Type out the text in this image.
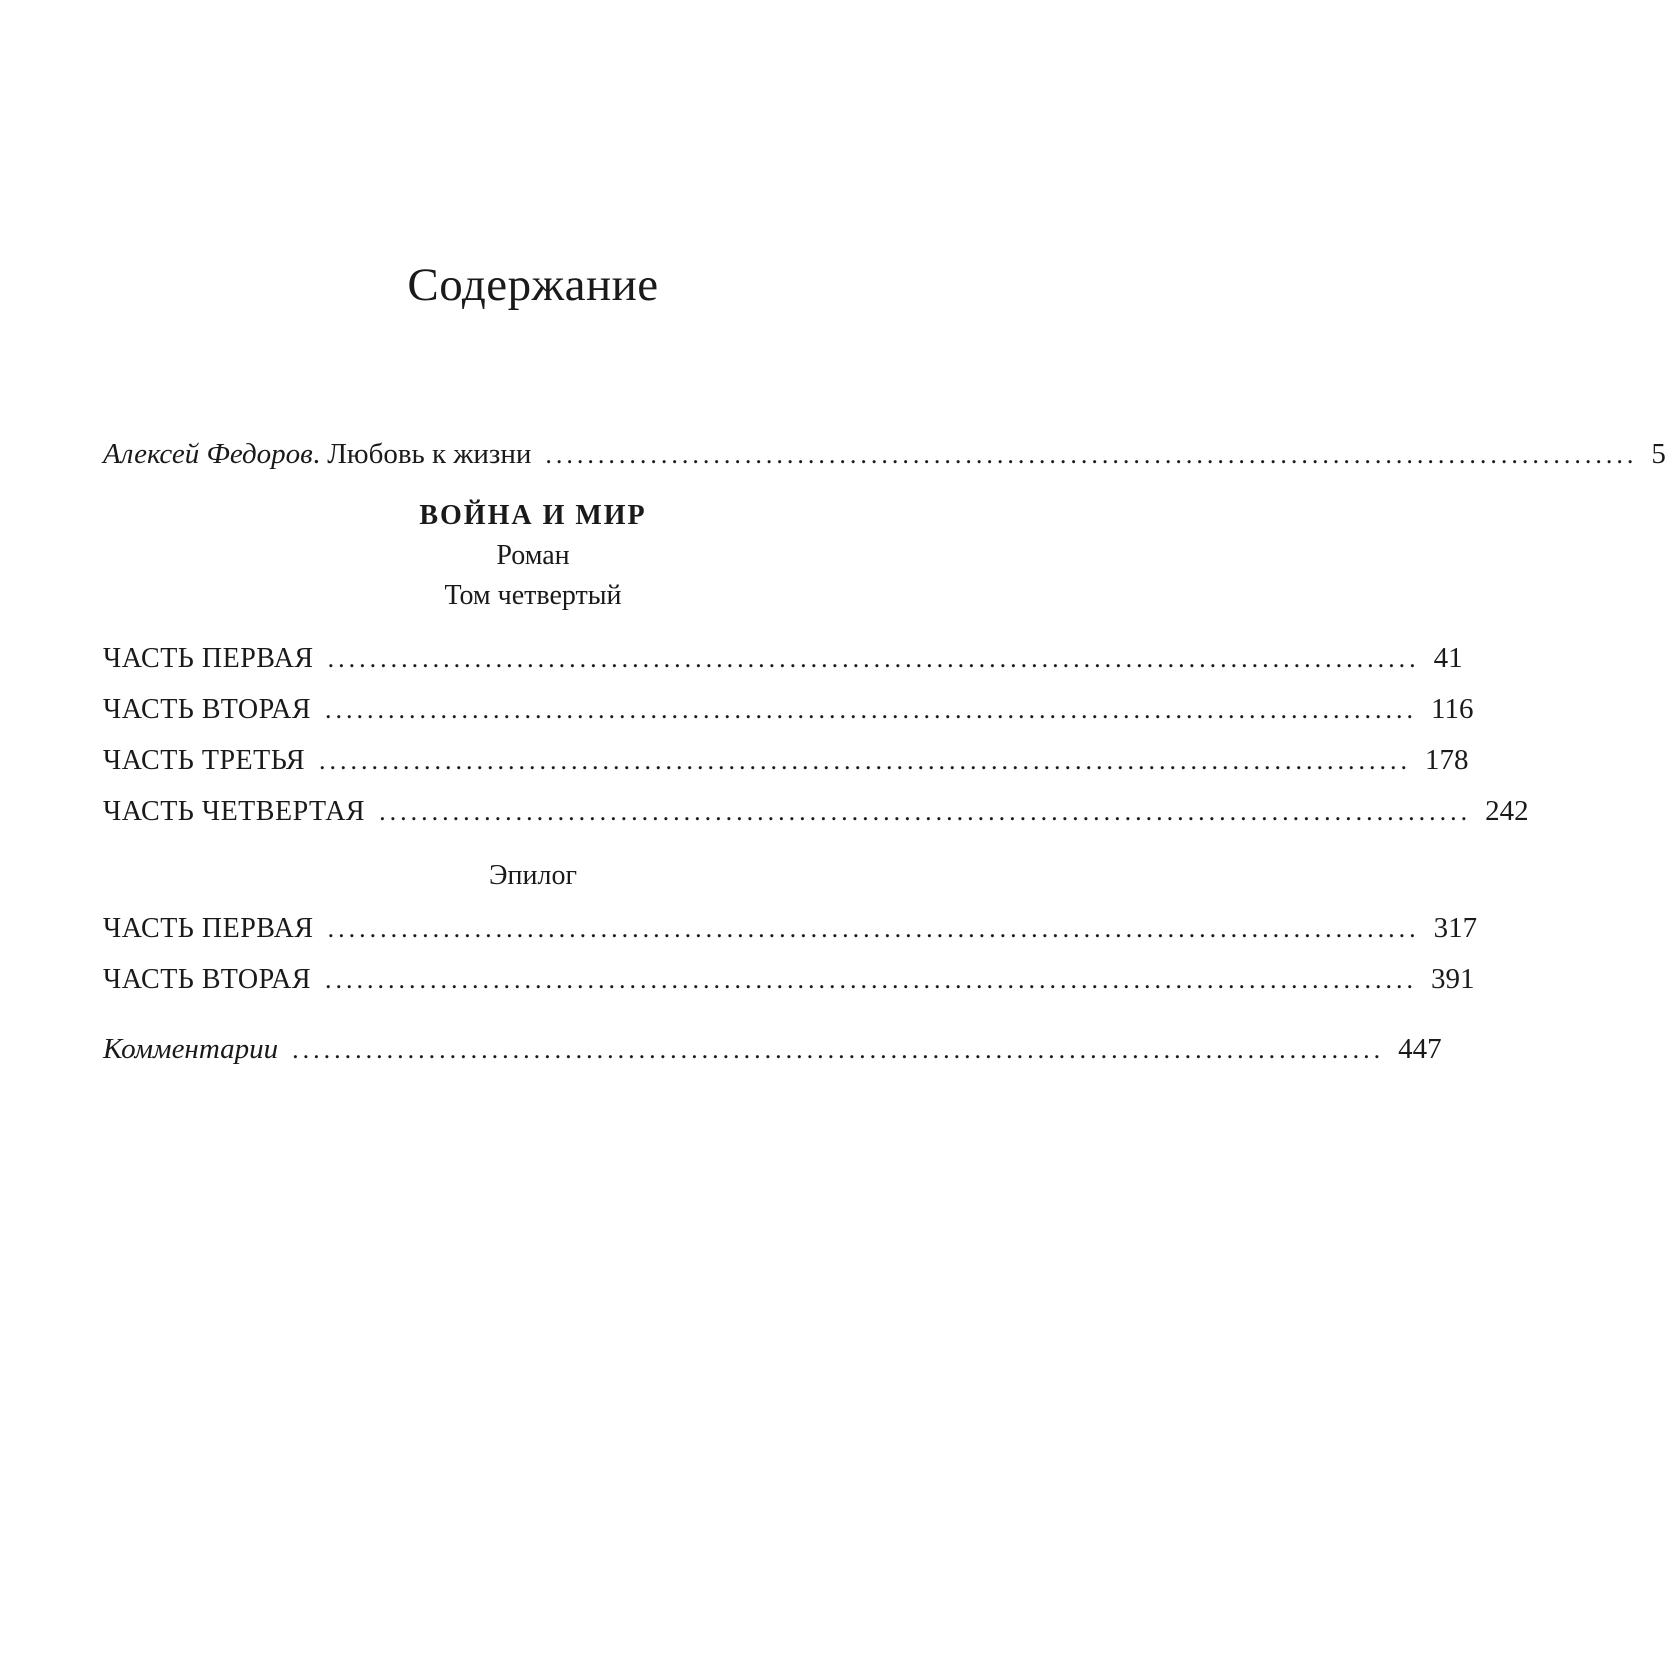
Содержание
Алексей Федоров. Любовь к жизни ........................................................................................................ 5
ВОЙНА И МИР
Роман
Том четвертый
ЧАСТЬ ПЕРВАЯ ........................................................................................................ 41
ЧАСТЬ ВТОРАЯ ........................................................................................................ 116
ЧАСТЬ ТРЕТЬЯ ........................................................................................................ 178
ЧАСТЬ ЧЕТВЕРТАЯ ........................................................................................................ 242
Эпилог
ЧАСТЬ ПЕРВАЯ ........................................................................................................ 317
ЧАСТЬ ВТОРАЯ ........................................................................................................ 391
Комментарии ........................................................................................................ 447
